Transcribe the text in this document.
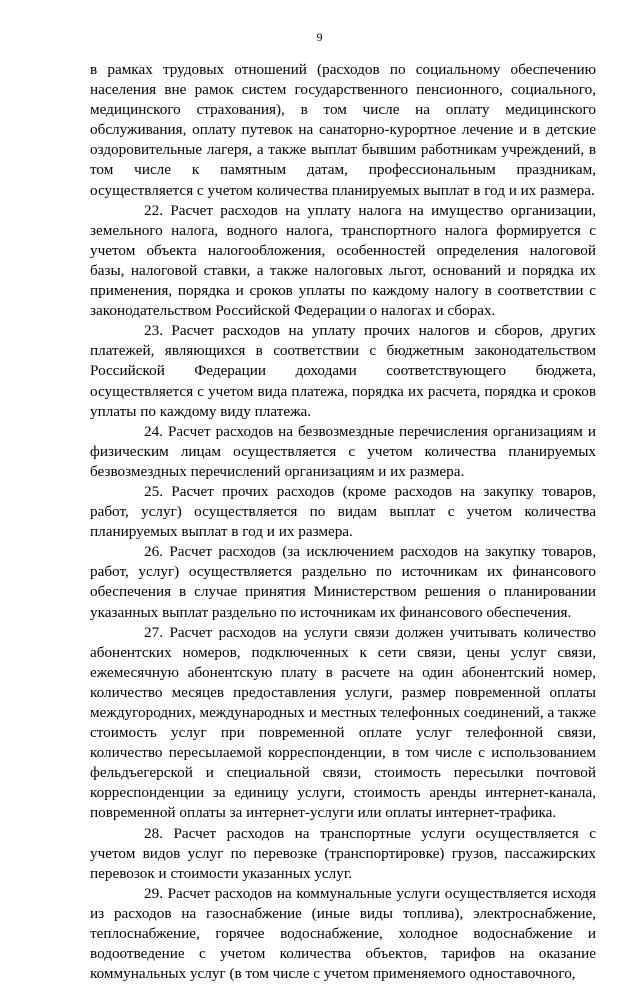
9

в рамках трудовых отношений (расходов по социальному обеспечению населения вне рамок систем государственного пенсионного, социального, медицинского страхования), в том числе на оплату медицинского обслуживания, оплату путевок на санаторно-курортное лечение и в детские оздоровительные лагеря, а также выплат бывшим работникам учреждений, в том числе к памятным датам, профессиональным праздникам, осуществляется с учетом количества планируемых выплат в год и их размера.

22. Расчет расходов на уплату налога на имущество организации, земельного налога, водного налога, транспортного налога формируется с учетом объекта налогообложения, особенностей определения налоговой базы, налоговой ставки, а также налоговых льгот, оснований и порядка их применения, порядка и сроков уплаты по каждому налогу в соответствии с законодательством Российской Федерации о налогах и сборах.

23. Расчет расходов на уплату прочих налогов и сборов, других платежей, являющихся в соответствии с бюджетным законодательством Российской Федерации доходами соответствующего бюджета, осуществляется с учетом вида платежа, порядка их расчета, порядка и сроков уплаты по каждому виду платежа.

24. Расчет расходов на безвозмездные перечисления организациям и физическим лицам осуществляется с учетом количества планируемых безвозмездных перечислений организациям и их размера.

25. Расчет прочих расходов (кроме расходов на закупку товаров, работ, услуг) осуществляется по видам выплат с учетом количества планируемых выплат в год и их размера.

26. Расчет расходов (за исключением расходов на закупку товаров, работ, услуг) осуществляется раздельно по источникам их финансового обеспечения в случае принятия Министерством решения о планировании указанных выплат раздельно по источникам их финансового обеспечения.

27. Расчет расходов на услуги связи должен учитывать количество абонентских номеров, подключенных к сети связи, цены услуг связи, ежемесячную абонентскую плату в расчете на один абонентский номер, количество месяцев предоставления услуги, размер повременной оплаты междугородних, международных и местных телефонных соединений, а также стоимость услуг при повременной оплате услуг телефонной связи, количество пересылаемой корреспонденции, в том числе с использованием фельдъегерской и специальной связи, стоимость пересылки почтовой корреспонденции за единицу услуги, стоимость аренды интернет-канала, повременной оплаты за интернет-услуги или оплаты интернет-трафика.

28. Расчет расходов на транспортные услуги осуществляется с учетом видов услуг по перевозке (транспортировке) грузов, пассажирских перевозок и стоимости указанных услуг.

29. Расчет расходов на коммунальные услуги осуществляется исходя из расходов на газоснабжение (иные виды топлива), электроснабжение, теплоснабжение, горячее водоснабжение, холодное водоснабжение и водоотведение с учетом количества объектов, тарифов на оказание коммунальных услуг (в том числе с учетом применяемого одноставочного,
